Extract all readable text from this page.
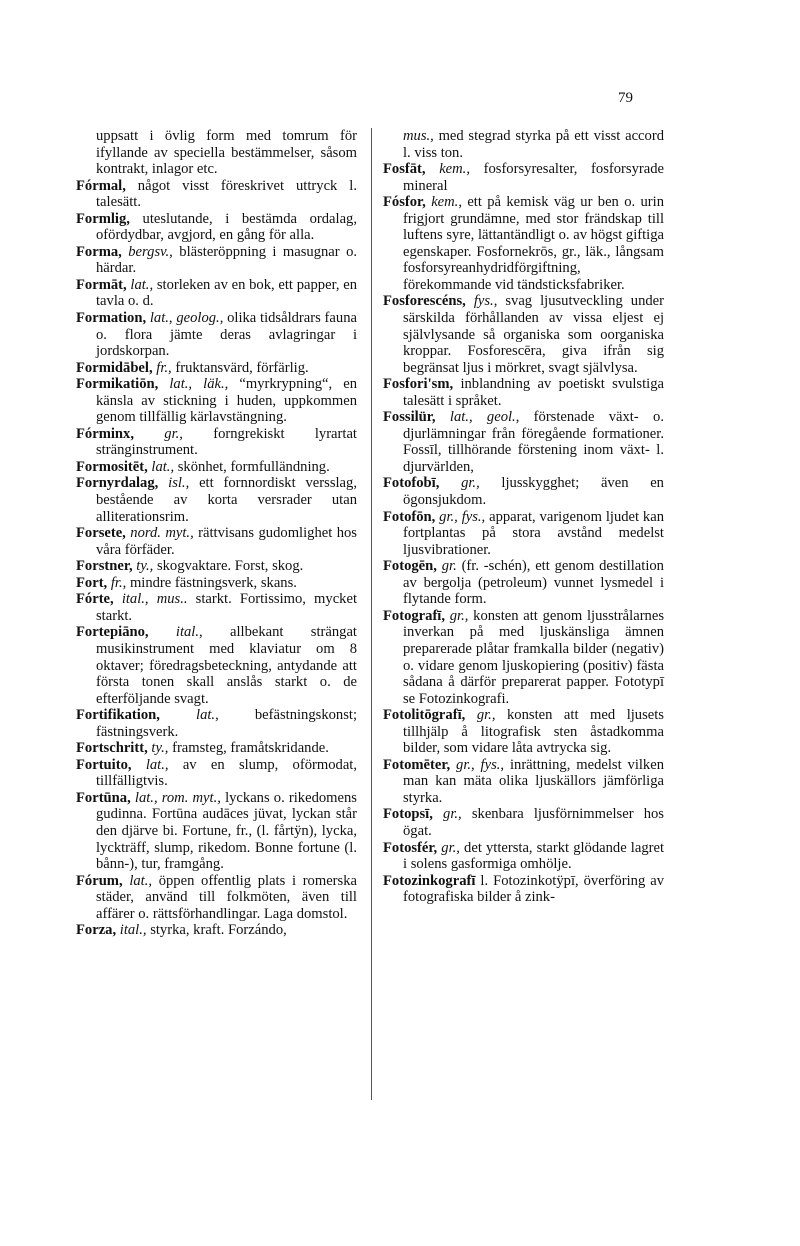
79
uppsatt i övlig form med tomrum för ifyllande av speciella bestämmelser, såsom kontrakt, inlagor etc.
Fórmal, något visst föreskrivet uttryck l. talesätt.
Formlig, uteslutande, i bestämda ordalag, ofördydbar, avgjord, en gång för alla.
Forma, bergsv., blästeröppning i masugnar o. härdar.
Formāt, lat., storleken av en bok, ett papper, en tavla o. d.
Formation, lat., geolog., olika tidsåldrars fauna o. flora jämte deras avlagringar i jordskorpan.
Formidābel, fr., fruktansvärd, förfärlig.
Formikatiōn, lat., läk., “myrkrypning“, en känsla av stickning i huden, uppkommen genom tillfällig kärlavstängning.
Fórminx, gr., forngrekiskt lyrartat stränginstrument.
Formositēt, lat., skönhet, formfulländning.
Fornyrdalag, isl., ett fornnordiskt versslag, bestående av korta versrader utan alliterationsrim.
Forsete, nord. myt., rättvisans gudomlighet hos våra förfäder.
Forstner, ty., skogvaktare. Forst, skog.
Fort, fr., mindre fästningsverk, skans.
Fórte, ital., mus.. starkt. Fortissimo, mycket starkt.
Fortepiāno, ital., allbekant strängat musikinstrument med klaviatur om 8 oktaver; föredragsbeteckning, antydande att första tonen skall anslås starkt o. de efterföljande svagt.
Fortifikation, lat., befästningskonst; fästningsverk.
Fortschritt, ty., framsteg, framåtskridande.
Fortuito, lat., av en slump, oförmodat, tillfälligtvis.
Fortūna, lat., rom. myt., lyckans o. rikedomens gudinna. Fortūna audāces jüvat, lyckan står den djärve bi. Fortune, fr., (l. fårtÿn), lycka, lyckträff, slump, rikedom. Bonne fortune (l. bånn-), tur, framgång.
Fórum, lat., öppen offentlig plats i romerska städer, använd till folkmöten, även till affärer o. rättsförhandlingar. Laga domstol.
Forza, ital., styrka, kraft. Forzándo,
mus., med stegrad styrka på ett visst accord l. viss ton.
Fosfāt, kem., fosforsyresalter, fosforsyrade mineral
Fósfor, kem., ett på kemisk väg ur ben o. urin frigjort grundämne, med stor frändskap till luftens syre, lättantändligt o. av högst giftiga egenskaper. Fosfornekrōs, gr., läk., långsam fosforsyreanhydridförgiftning, förekommande vid tändsticksfabriker.
Fosforescéns, fys., svag ljusutveckling under särskilda förhållanden av vissa eljest ej självlysande så organiska som oorganiska kroppar. Fosforescēra, giva ifrån sig begränsat ljus i mörkret, svagt självlysa.
Fosfori'sm, inblandning av poetiskt svulstiga talesätt i språket.
Fossilür, lat., geol., förstenade växt- o. djurlämningar från föregående formationer. Fossīl, tillhörande förstening inom växt- l. djurvärlden,
Fotofobī, gr., ljusskygghet; även en ögonsjukdom.
Fotofōn, gr., fys., apparat, varigenom ljudet kan fortplantas på stora avstånd medelst ljusvibrationer.
Fotogēn, gr. (fr. -schén), ett genom destillation av bergolja (petroleum) vunnet lysmedel i flytande form.
Fotografī, gr., konsten att genom ljusstrålarnes inverkan på med ljuskänsliga ämnen preparerade plåtar framkalla bilder (negativ) o. vidare genom ljuskopiering (positiv) fästa sådana å därför preparerat papper. Fototypī se Fotozinkografi.
Fotolitōgrafī, gr., konsten att med ljusets tillhjälp å litografisk sten åstadkomma bilder, som vidare låta avtrycka sig.
Fotomēter, gr., fys., inrättning, medelst vilken man kan mäta olika ljuskällors jämförliga styrka.
Fotopsī, gr., skenbara ljusförnimmelser hos ögat.
Fotosfér, gr., det yttersta, starkt glödande lagret i solens gasformiga omhölje.
Fotozinkografī l. Fotozinkotÿpī, överföring av fotografiska bilder å zink-
